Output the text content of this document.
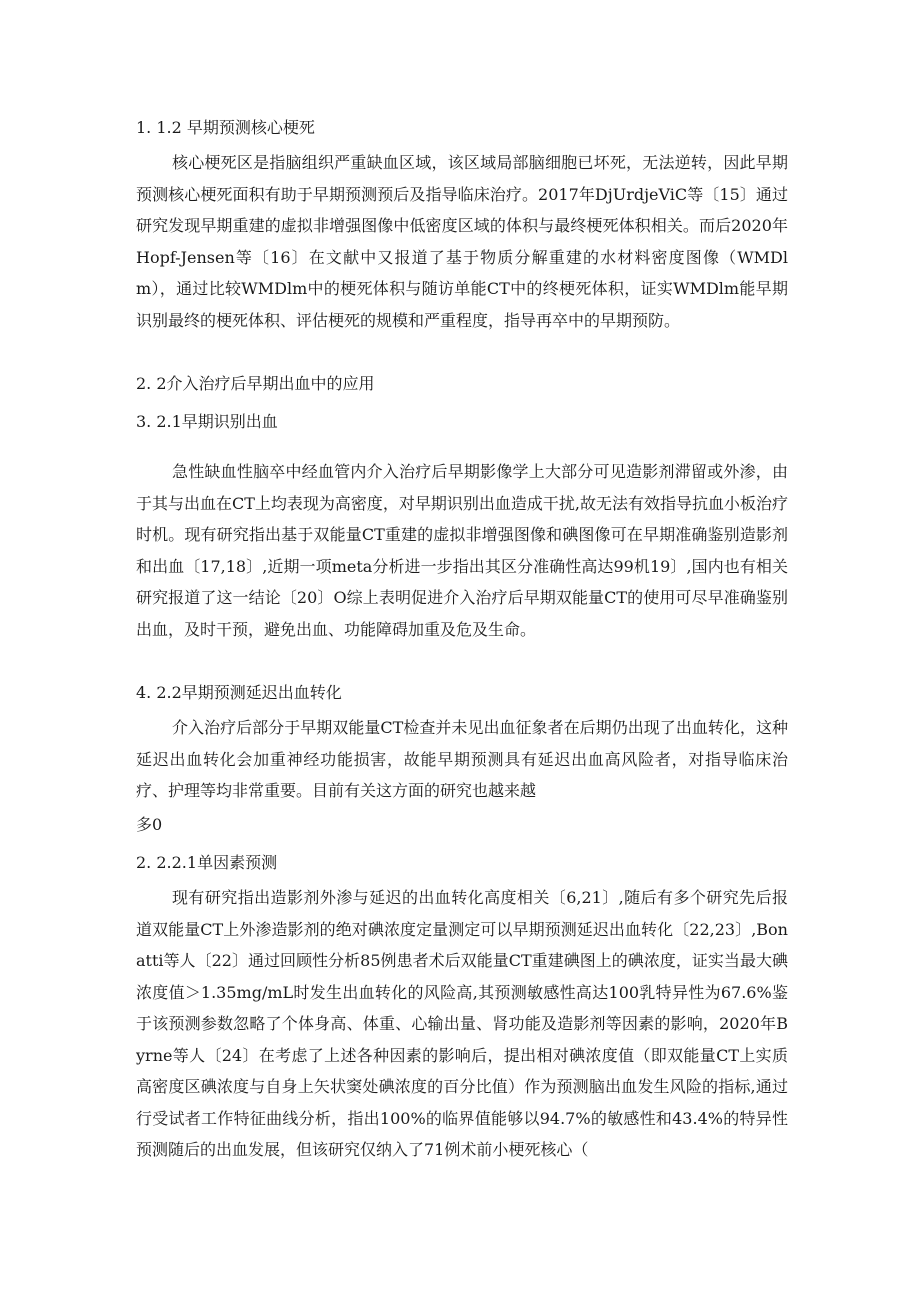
1. 1.2 早期预测核心梗死

核心梗死区是指脑组织严重缺血区域，该区域局部脑细胞已坏死，无法逆转，因此早期预测核心梗死面积有助于早期预测预后及指导临床治疗。2017年DjUrdjeViC等〔15〕通过研究发现早期重建的虚拟非增强图像中低密度区域的体积与最终梗死体积相关。而后2020年Hopf-Jensen等〔16〕在文献中又报道了基于物质分解重建的水材料密度图像（WMDlm），通过比较WMDlm中的梗死体积与随访单能CT中的终梗死体积，证实WMDlm能早期识别最终的梗死体积、评估梗死的规模和严重程度，指导再卒中的早期预防。

2. 2介入治疗后早期出血中的应用
3. 2.1早期识别出血

急性缺血性脑卒中经血管内介入治疗后早期影像学上大部分可见造影剂滞留或外渗，由于其与出血在CT上均表现为高密度，对早期识别出血造成干扰,故无法有效指导抗血小板治疗时机。现有研究指出基于双能量CT重建的虚拟非增强图像和碘图像可在早期准确鉴别造影剂和出血〔17,18〕,近期一项meta分析进一步指出其区分准确性高达99机19〕,国内也有相关研究报道了这一结论〔20〕O综上表明促进介入治疗后早期双能量CT的使用可尽早准确鉴别出血，及时干预，避免出血、功能障碍加重及危及生命。

4. 2.2早期预测延迟出血转化

介入治疗后部分于早期双能量CT检查并未见出血征象者在后期仍出现了出血转化，这种延迟出血转化会加重神经功能损害，故能早期预测具有延迟出血高风险者，对指导临床治疗、护理等均非常重要。目前有关这方面的研究也越来越

多0
2. 2.2.1单因素预测

现有研究指出造影剂外渗与延迟的出血转化高度相关〔6,21〕,随后有多个研究先后报道双能量CT上外渗造影剂的绝对碘浓度定量测定可以早期预测延迟出血转化〔22,23〕,Bonatti等人〔22〕通过回顾性分析85例患者术后双能量CT重建碘图上的碘浓度，证实当最大碘浓度值＞1.35mg/mL时发生出血转化的风险高,其预测敏感性高达100乳特异性为67.6%鉴于该预测参数忽略了个体身高、体重、心输出量、肾功能及造影剂等因素的影响，2020年Byrne等人〔24〕在考虑了上述各种因素的影响后，提出相对碘浓度值（即双能量CT上实质高密度区碘浓度与自身上矢状窦处碘浓度的百分比值）作为预测脑出血发生风险的指标,通过行受试者工作特征曲线分析，指出100%的临界值能够以94.7%的敏感性和43.4%的特异性预测随后的出血发展，但该研究仅纳入了71例术前小梗死核心（
